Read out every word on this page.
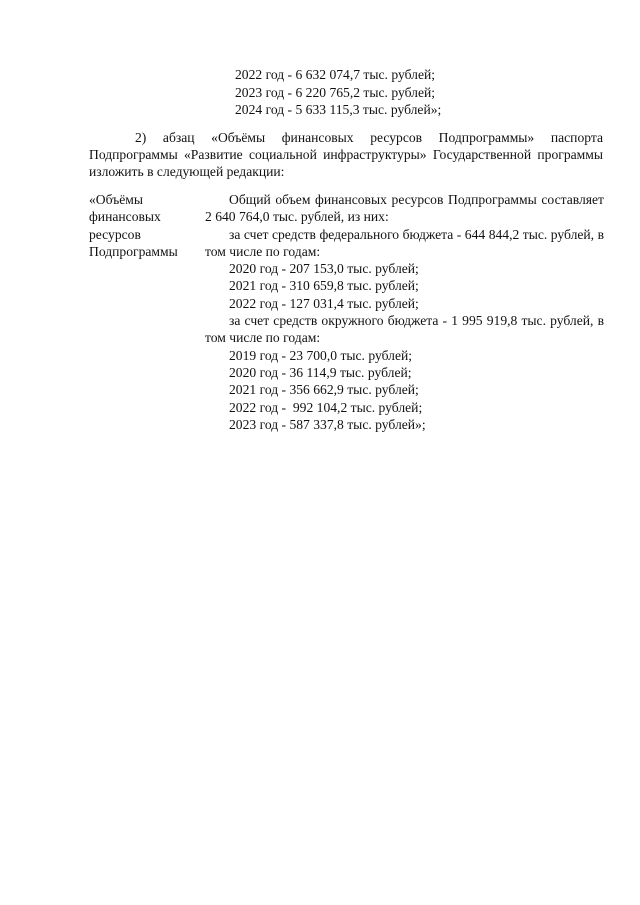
2022 год - 6 632 074,7 тыс. рублей;
2023 год - 6 220 765,2 тыс. рублей;
2024 год - 5 633 115,3 тыс. рублей»;
2) абзац «Объёмы финансовых ресурсов Подпрограммы» паспорта Подпрограммы «Развитие социальной инфраструктуры» Государственной программы изложить в следующей редакции:
«Объёмы
финансовых
ресурсов
Подпрограммы
Общий объем финансовых ресурсов Подпрограммы составляет 2 640 764,0 тыс. рублей, из них:
за счет средств федерального бюджета - 644 844,2 тыс. рублей, в том числе по годам:
2020 год - 207 153,0 тыс. рублей;
2021 год - 310 659,8 тыс. рублей;
2022 год - 127 031,4 тыс. рублей;
за счет средств окружного бюджета - 1 995 919,8 тыс. рублей, в том числе по годам:
2019 год - 23 700,0 тыс. рублей;
2020 год - 36 114,9 тыс. рублей;
2021 год - 356 662,9 тыс. рублей;
2022 год -  992 104,2 тыс. рублей;
2023 год - 587 337,8 тыс. рублей»;
